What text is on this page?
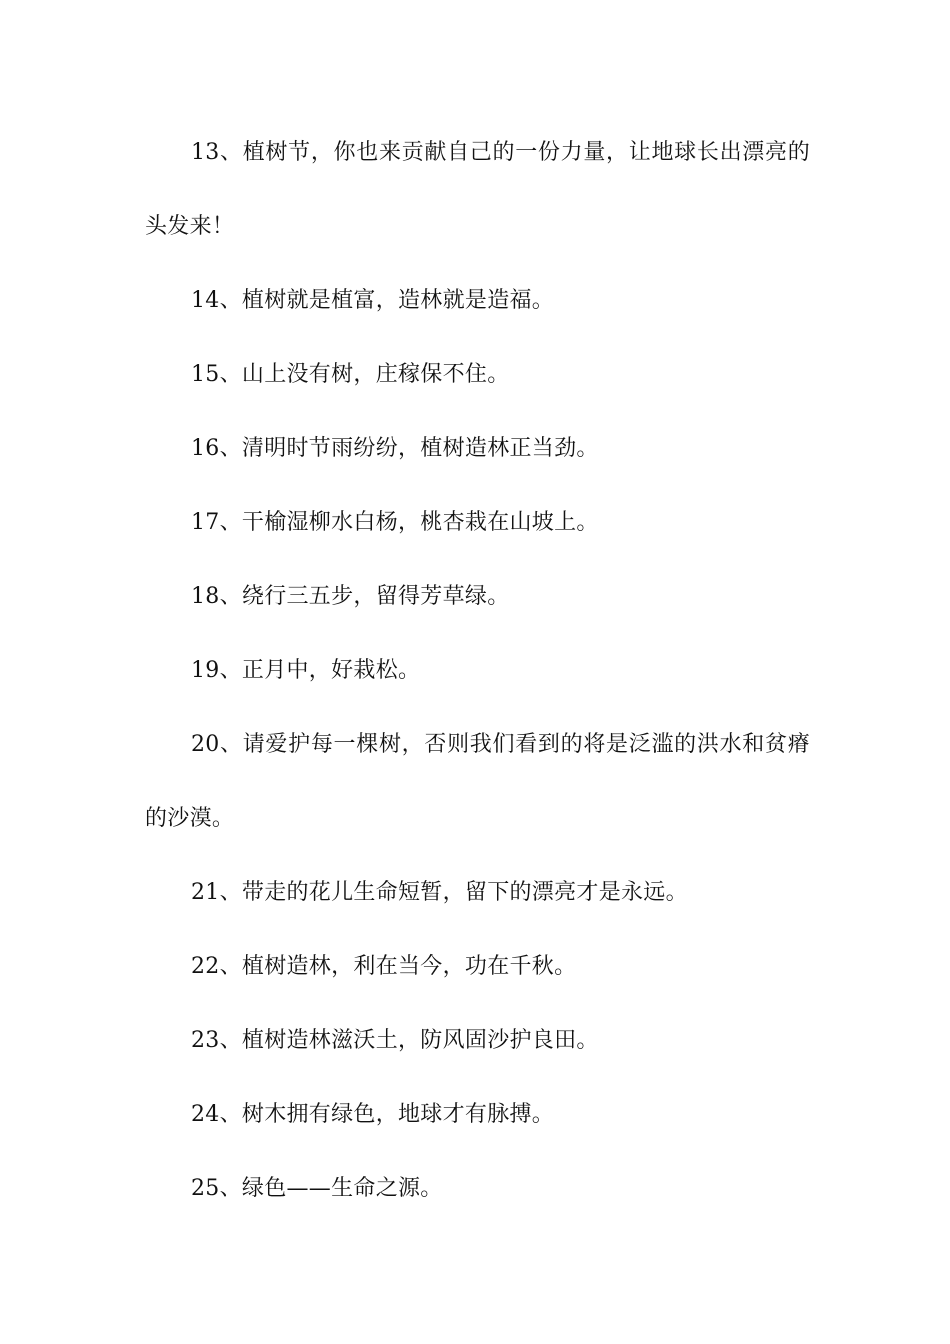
13、植树节，你也来贡献自己的一份力量，让地球长出漂亮的头发来！

14、植树就是植富，造林就是造福。

15、山上没有树，庄稼保不住。

16、清明时节雨纷纷，植树造林正当劲。

17、干榆湿柳水白杨，桃杏栽在山坡上。

18、绕行三五步，留得芳草绿。

19、正月中，好栽松。

20、请爱护每一棵树，否则我们看到的将是泛滥的洪水和贫瘠的沙漠。

21、带走的花儿生命短暂，留下的漂亮才是永远。

22、植树造林，利在当今，功在千秋。

23、植树造林滋沃土，防风固沙护良田。

24、树木拥有绿色，地球才有脉搏。

25、绿色——生命之源。
